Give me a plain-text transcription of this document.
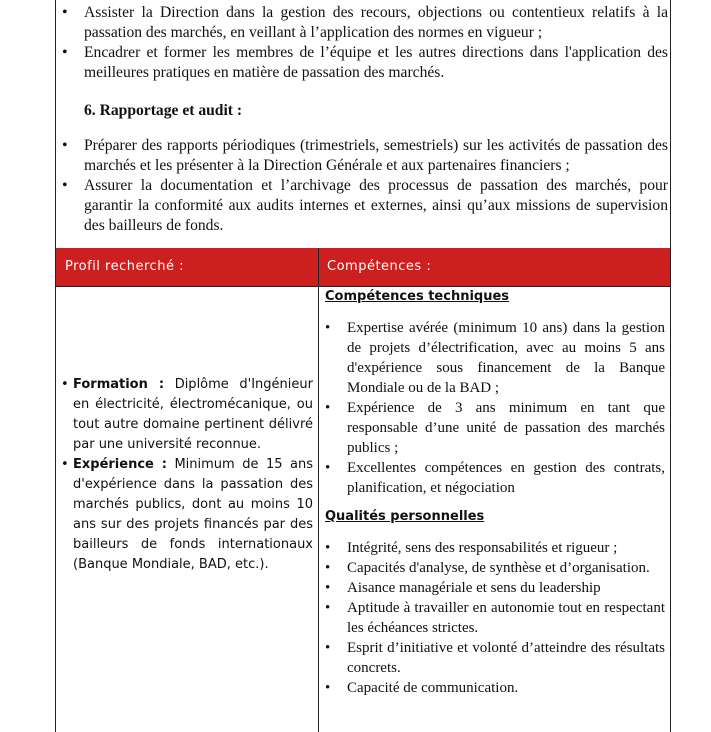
• Assister la Direction dans la gestion des recours, objections ou contentieux relatifs à la passation des marchés, en veillant à l’application des normes en vigueur ;
• Encadrer et former les membres de l’équipe et les autres directions dans l'application des meilleures pratiques en matière de passation des marchés.
6. Rapportage et audit :
• Préparer des rapports périodiques (trimestriels, semestriels) sur les activités de passation des marchés et les présenter à la Direction Générale et aux partenaires financiers ;
• Assurer la documentation et l’archivage des processus de passation des marchés, pour garantir la conformité aux audits internes et externes, ainsi qu’aux missions de supervision des bailleurs de fonds.
Profil recherché :	Compétences :
• Formation : Diplôme d'Ingénieur en électricité, électromécanique, ou tout autre domaine pertinent délivré par une université reconnue.
• Expérience : Minimum de 15 ans d'expérience dans la passation des marchés publics, dont au moins 10 ans sur des projets financés par des bailleurs de fonds internationaux (Banque Mondiale, BAD, etc.).

Compétences techniques

• Expertise avérée (minimum 10 ans) dans la gestion de projets d’électrification, avec au moins 5 ans d'expérience sous financement de la Banque Mondiale ou de la BAD ;
• Expérience de 3 ans minimum en tant que responsable d’une unité de passation des marchés publics ;
• Excellentes compétences en gestion des contrats, planification, et négociation

Qualités personnelles

• Intégrité, sens des responsabilités et rigueur ;
• Capacités d'analyse, de synthèse et d’organisation.
• Aisance managériale et sens du leadership
• Aptitude à travailler en autonomie tout en respectant les échéances strictes.
• Esprit d’initiative et volonté d’atteindre des résultats concrets.
• Capacité de communication.
